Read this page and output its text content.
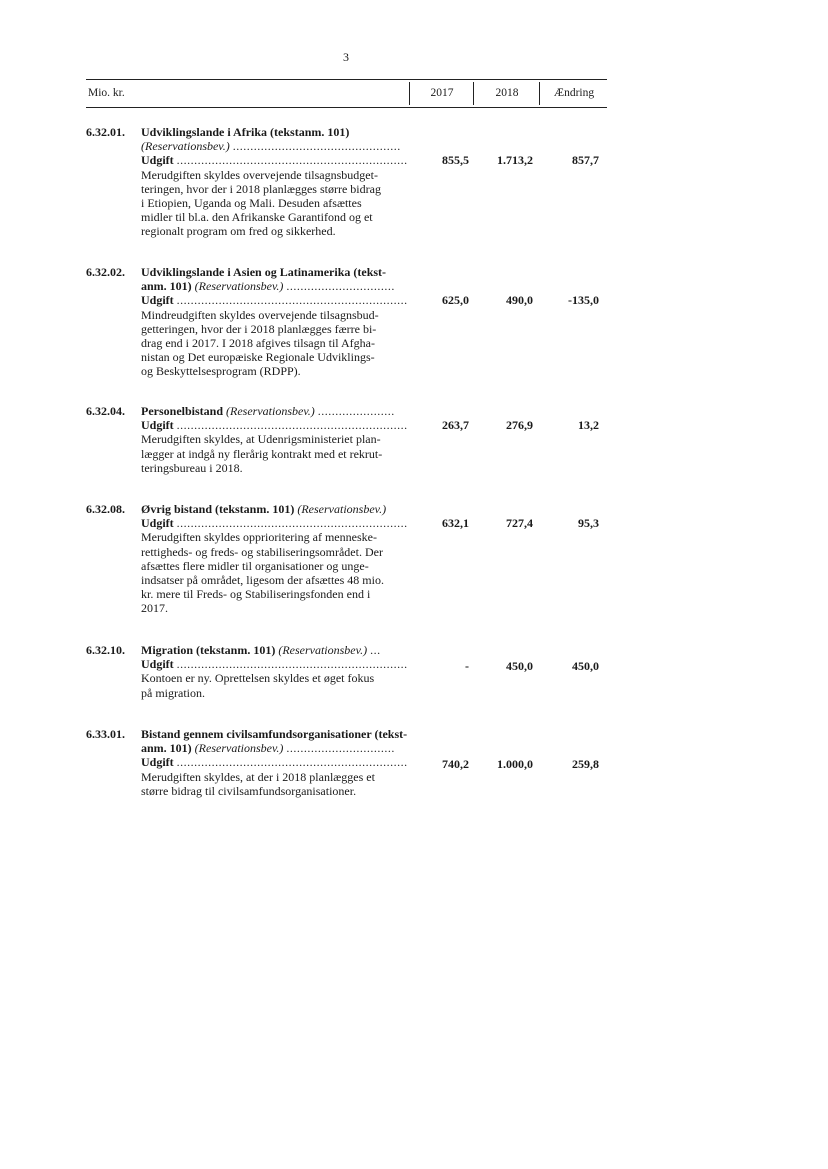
3
Mio. kr.	2017	2018	Ændring
6.32.01. Udviklingslande i Afrika (tekstanm. 101)
(Reservationsbev.) ................................................
Udgift ..................................................................
Merudgiften skyldes overvejende tilsagnsbudget-
teringen, hvor der i 2018 planlægges større bidrag
i Etiopien, Uganda og Mali. Desuden afsættes
midler til bl.a. den Afrikanske Garantifond og et
regionalt program om fred og sikkerhed.
855,5	1.713,2	857,7
6.32.02. Udviklingslande i Asien og Latinamerika (tekst-
anm. 101) (Reservationsbev.) ...............................
Udgift ..................................................................
Mindreudgiften skyldes overvejende tilsagnsbud-
getteringen, hvor der i 2018 planlægges færre bi-
drag end i 2017. I 2018 afgives tilsagn til Afgha-
nistan og Det europæiske Regionale Udviklings-
og Beskyttelsesprogram (RDPP).
625,0	490,0	-135,0
6.32.04. Personelbistand (Reservationsbev.) ......................
Udgift ..................................................................
Merudgiften skyldes, at Udenrigsministeriet plan-
lægger at indgå ny flerårig kontrakt med et rekrut-
teringsbureau i 2018.
263,7	276,9	13,2
6.32.08. Øvrig bistand (tekstanm. 101) (Reservationsbev.)
Udgift ..................................................................
Merudgiften skyldes opprioritering af menneske-
rettigheds- og freds- og stabiliseringsområdet. Der
afsættes flere midler til organisationer og unge-
indsatser på området, ligesom der afsættes 48 mio.
kr. mere til Freds- og Stabiliseringsfonden end i
2017.
632,1	727,4	95,3
6.32.10. Migration (tekstanm. 101) (Reservationsbev.) ...
Udgift ..................................................................
Kontoen er ny. Oprettelsen skyldes et øget fokus
på migration.
-	450,0	450,0
6.33.01. Bistand gennem civilsamfundsorganisationer (tekst-
anm. 101) (Reservationsbev.) ...............................
Udgift ..................................................................
Merudgiften skyldes, at der i 2018 planlægges et
større bidrag til civilsamfundsorganisationer.
740,2	1.000,0	259,8
